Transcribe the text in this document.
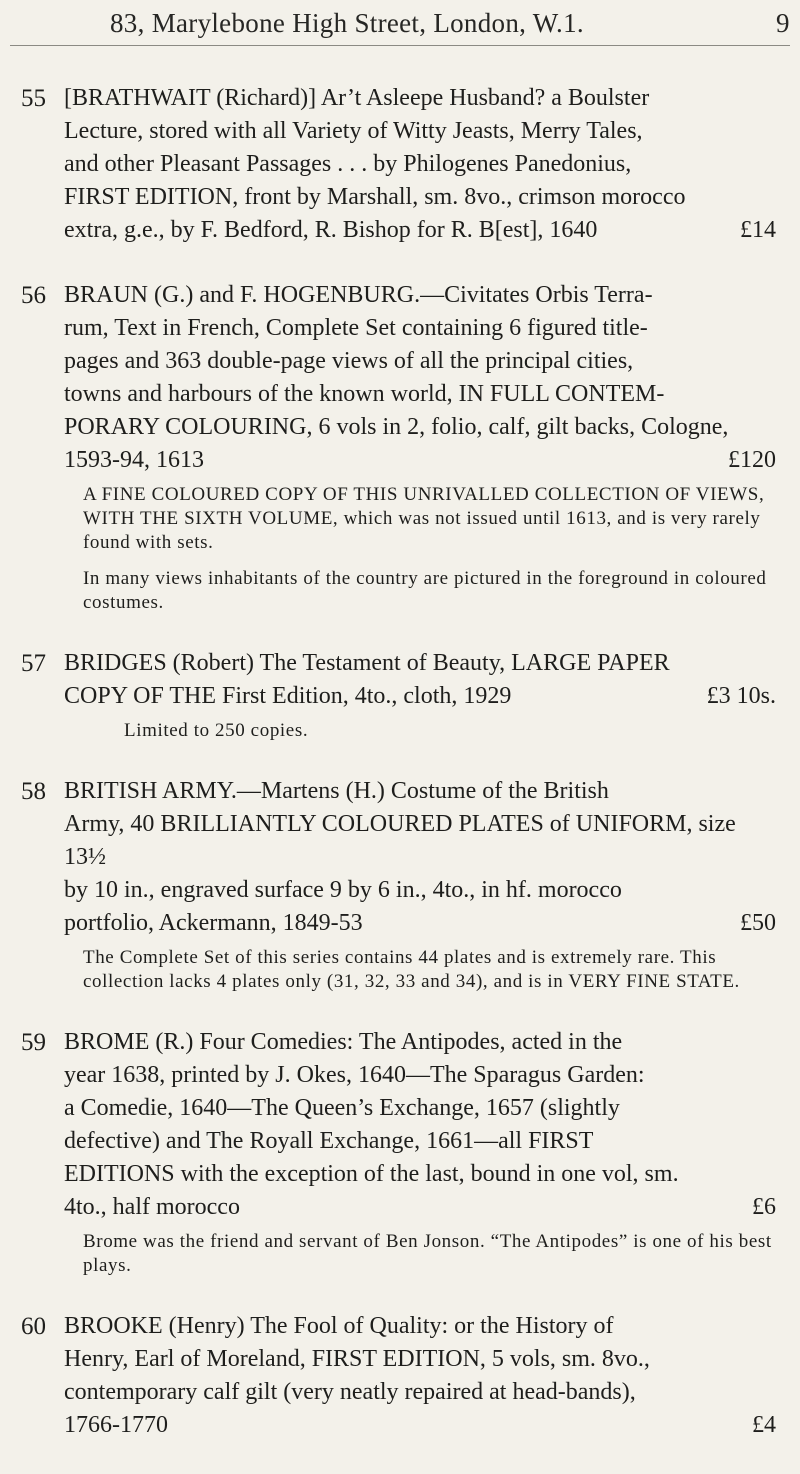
83, Marylebone High Street, London, W.1.	9
55 [BRATHWAIT (Richard)] Ar’t Asleepe Husband? a Boulster
Lecture, stored with all Variety of Witty Jeasts, Merry Tales,
and other Pleasant Passages . . . by Philogenes Panedonius,
FIRST EDITION, front by Marshall, sm. 8vo., crimson morocco
extra, g.e., by F. Bedford, R. Bishop for R. B[est], 1640	£14
56 BRAUN (G.) and F. HOGENBURG.—Civitates Orbis Terra-
rum, Text in French, Complete Set containing 6 figured title-
pages and 363 double-page views of all the principal cities,
towns and harbours of the known world, IN FULL CONTEM-
PORARY COLOURING, 6 vols in 2, folio, calf, gilt backs, Cologne,
1593-94, 1613	£120
A FINE COLOURED COPY OF THIS UNRIVALLED COLLECTION OF VIEWS, WITH THE SIXTH VOLUME, which was not issued until 1613, and is very rarely found with sets.
In many views inhabitants of the country are pictured in the foreground in coloured costumes.
57 BRIDGES (Robert) The Testament of Beauty, LARGE PAPER
COPY OF THE First Edition, 4to., cloth, 1929	£3 10s.
Limited to 250 copies.
58 BRITISH ARMY.—Martens (H.) Costume of the British
Army, 40 BRILLIANTLY COLOURED PLATES of UNIFORM, size 13½
by 10 in., engraved surface 9 by 6 in., 4to., in hf. morocco
portfolio, Ackermann, 1849-53	£50
The Complete Set of this series contains 44 plates and is extremely rare. This collection lacks 4 plates only (31, 32, 33 and 34), and is in VERY FINE STATE.
59 BROME (R.) Four Comedies: The Antipodes, acted in the
year 1638, printed by J. Okes, 1640—The Sparagus Garden:
a Comedie, 1640—The Queen’s Exchange, 1657 (slightly
defective) and The Royall Exchange, 1661—all FIRST
EDITIONS with the exception of the last, bound in one vol, sm.
4to., half morocco	£6
Brome was the friend and servant of Ben Jonson. “The Antipodes” is one of his best plays.
60 BROOKE (Henry) The Fool of Quality: or the History of
Henry, Earl of Moreland, FIRST EDITION, 5 vols, sm. 8vo.,
contemporary calf gilt (very neatly repaired at head-bands),
1766-1770	£4
